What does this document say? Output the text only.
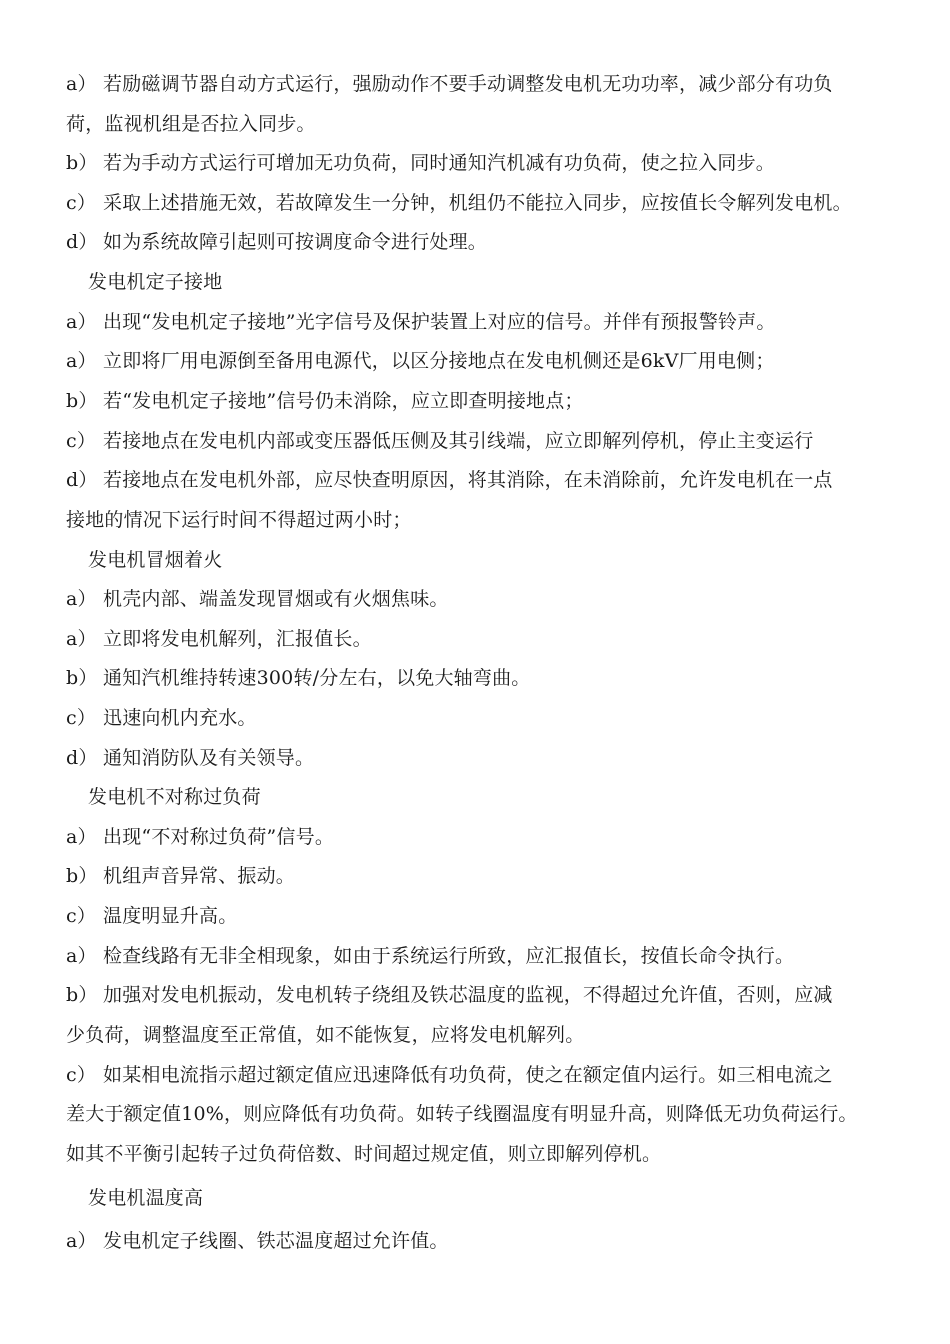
a） 若励磁调节器自动方式运行，强励动作不要手动调整发电机无功功率，减少部分有功负
荷，监视机组是否拉入同步。
b） 若为手动方式运行可增加无功负荷，同时通知汽机减有功负荷，使之拉入同步。
c） 采取上述措施无效，若故障发生一分钟，机组仍不能拉入同步，应按值长令解列发电机。
d） 如为系统故障引起则可按调度命令进行处理。
发电机定子接地
a） 出现“发电机定子接地”光字信号及保护装置上对应的信号。并伴有预报警铃声。
a） 立即将厂用电源倒至备用电源代，以区分接地点在发电机侧还是6kV厂用电侧；
b） 若“发电机定子接地”信号仍未消除，应立即查明接地点；
c） 若接地点在发电机内部或变压器低压侧及其引线端，应立即解列停机，停止主变运行
d） 若接地点在发电机外部，应尽快查明原因，将其消除，在未消除前，允许发电机在一点
接地的情况下运行时间不得超过两小时；
发电机冒烟着火
a） 机壳内部、端盖发现冒烟或有火烟焦味。
a） 立即将发电机解列，汇报值长。
b） 通知汽机维持转速300转/分左右，以免大轴弯曲。
c） 迅速向机内充水。
d） 通知消防队及有关领导。
发电机不对称过负荷
a） 出现“不对称过负荷”信号。
b） 机组声音异常、振动。
c） 温度明显升高。
a） 检查线路有无非全相现象，如由于系统运行所致，应汇报值长，按值长命令执行。
b） 加强对发电机振动，发电机转子绕组及铁芯温度的监视，不得超过允许值，否则，应减
少负荷，调整温度至正常值，如不能恢复，应将发电机解列。
c） 如某相电流指示超过额定值应迅速降低有功负荷，使之在额定值内运行。如三相电流之
差大于额定值10%，则应降低有功负荷。如转子线圈温度有明显升高，则降低无功负荷运行。
如其不平衡引起转子过负荷倍数、时间超过规定值，则立即解列停机。
发电机温度高
a） 发电机定子线圈、铁芯温度超过允许值。
